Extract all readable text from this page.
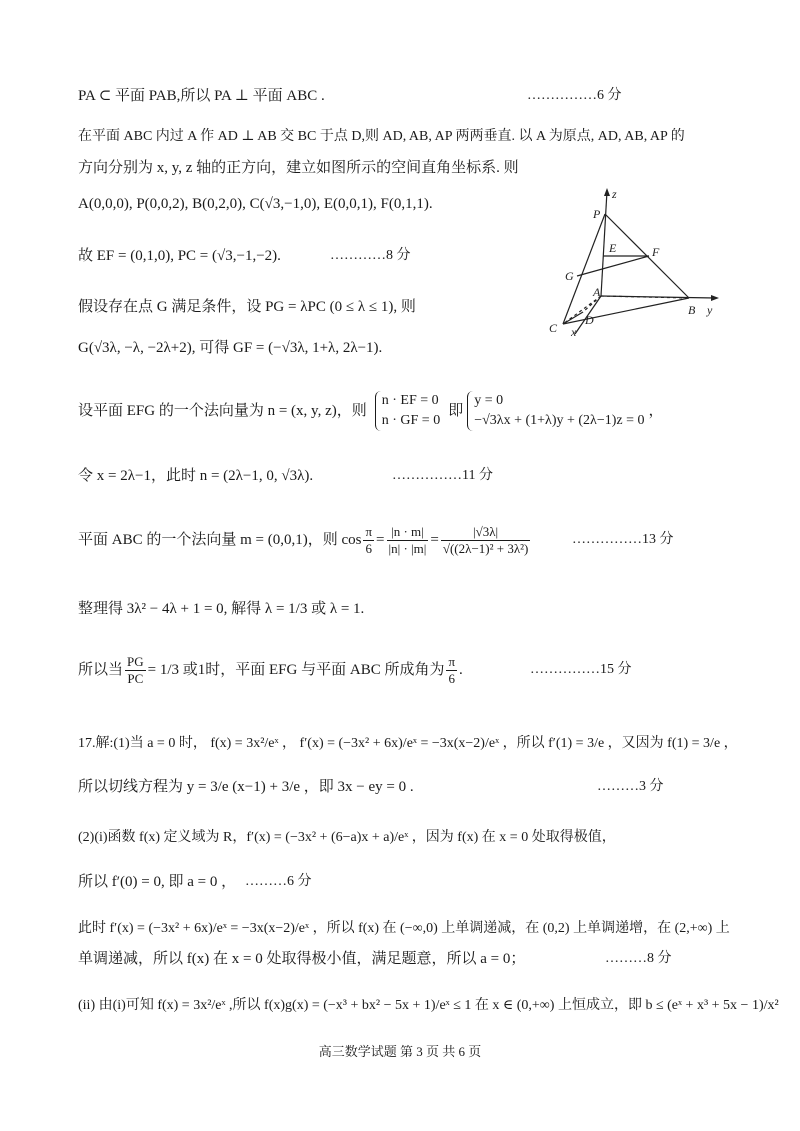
PA ⊂ 平面 PAB,所以 PA ⊥ 平面 ABC .	……………6 分
在平面 ABC 内过 A 作 AD ⊥ AB 交 BC 于点 D,则 AD, AB, AP 两两垂直. 以 A 为原点, AD, AB, AP 的
方向分别为 x, y, z 轴的正方向，建立如图所示的空间直角坐标系. 则
A(0,0,0), P(0,0,2), B(0,2,0), C(√3,−1,0), E(0,0,1), F(0,1,1).
故 EF = (0,1,0), PC = (√3,−1,−2).	…………8 分
假设存在点 G 满足条件，设 PG = λPC (0 ≤ λ ≤ 1), 则
G(√3λ, −λ, −2λ+2), 可得 GF = (−√3λ, 1+λ, 2λ−1).
设平面 EFG 的一个法向量为 n = (x, y, z)，则
n · EF = 0
n · GF = 0
即
y = 0
−√3λx + (1+λ)y + (2λ−1)z = 0
，
令 x = 2λ−1，此时 n = (2λ−1, 0, √3λ).	……………11 分
平面 ABC 的一个法向量 m = (0,0,1)，则 $\cos \frac{\pi}{6} = \frac{|n \cdot m|}{|n| \cdot |m|} = \frac{|√3\lambda|}{\text{√((2λ−1)² + 3λ²)}}$	……………13 分
整理得 3λ² − 4λ + 1 = 0, 解得 λ = 1/3 或 λ = 1.
所以当 $\frac{PG}{PC} = 1/3$ 或1时，平面 EFG 与平面 ABC 所成角为 $\frac{\pi}{6}$ .	……………15 分
17.解:(1)当 a = 0 时， f(x) = 3x²/eˣ ， f′(x) = (−3x² + 6x)/eˣ = −3x(x−2)/eˣ ，所以 f′(1) = 3/e ，又因为 f(1) = 3/e ，
所以切线方程为 y = 3/e (x−1) + 3/e ，即 3x − ey = 0 .	………3 分
(2)(i)函数 f(x) 定义域为 R，f′(x) = (−3x² + (6−a)x + a)/eˣ ，因为 f(x) 在 x = 0 处取得极值，
所以 f′(0) = 0, 即 a = 0 ， ………6 分
此时 f′(x) = (−3x² + 6x)/eˣ = −3x(x−2)/eˣ ，所以 f(x) 在 (−∞,0) 上单调递减，在 (0,2) 上单调递增，在 (2,+∞) 上
单调递减，所以 f(x) 在 x = 0 处取得极小值，满足题意，所以 a = 0；	………8 分
(ii) 由(i)可知 f(x) = 3x²/eˣ ,所以 f(x)g(x) = (−x³ + bx² − 5x + 1)/eˣ ≤ 1 在 x ∈ (0,+∞) 上恒成立，即 b ≤ (eˣ + x³ + 5x − 1)/x²
高三数学试题 第 3 页 共 6 页
z
P
E	F
G
A
B y
C
D
x
